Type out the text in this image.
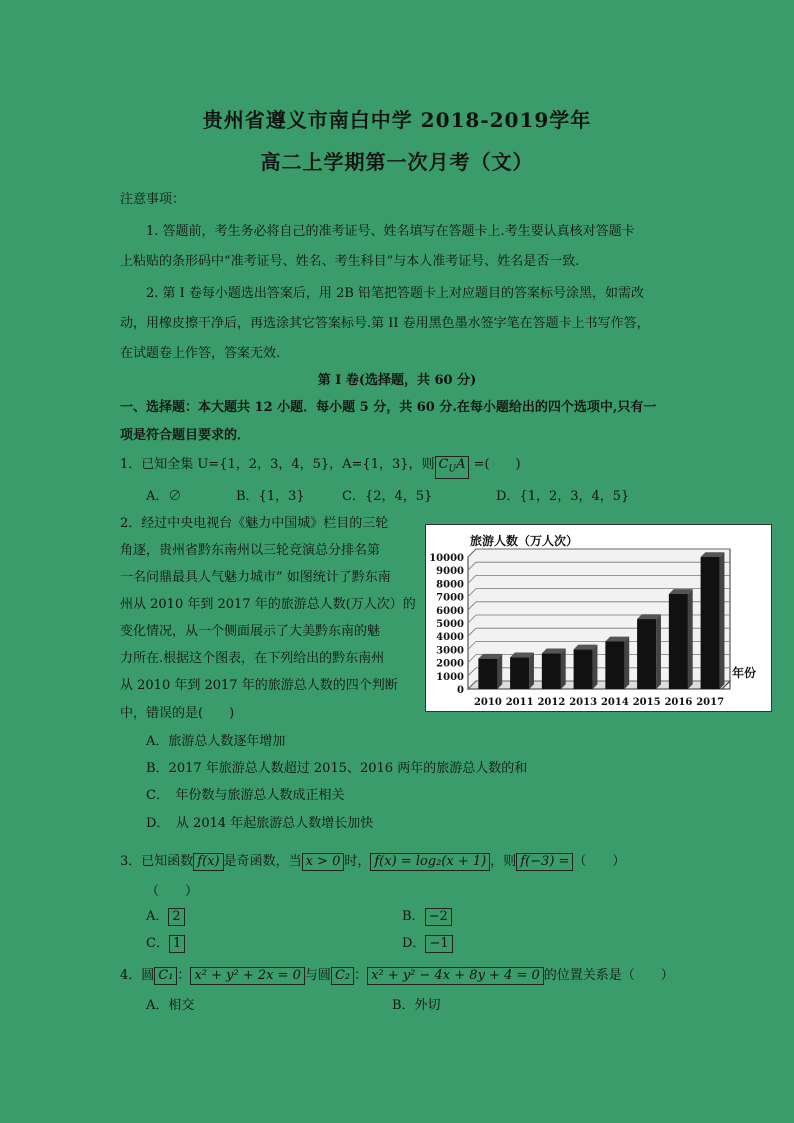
贵州省遵义市南白中学 2018-2019学年
高二上学期第一次月考（文）
注意事项：
1. 答题前，考生务必将自己的准考证号、姓名填写在答题卡上.考生要认真核对答题卡
上粘贴的条形码中“准考证号、姓名、考生科目”与本人准考证号、姓名是否一致.
2. 第 I 卷每小题选出答案后，用 2B 铅笔把答题卡上对应题目的答案标号涂黑，如需改
动，用橡皮擦干净后，再选涂其它答案标号.第 II 卷用黑色墨水签字笔在答题卡上书写作答，
在试题卷上作答，答案无效.
第 I 卷(选择题，共 60 分)
一、选择题：本大题共 12 小题．每小题 5 分，共 60 分.在每小题给出的四个选项中,只有一
项是符合题目要求的．
1．已知全集 U={1，2，3，4，5}，A={1，3}，则 $C_UA$ =(　　)
A．∅	B．{1，3}	C．{2，4，5}	D．{1，2，3，4，5}
2．经过中央电视台《魅力中国城》栏目的三轮
角逐，贵州省黔东南州以三轮竞演总分排名第
一名问鼎最具人气魅力城市” 如图统计了黔东南
州从 2010 年到 2017 年的旅游总人数(万人次）的
变化情况，从一个侧面展示了大美黔东南的魅
力所在.根据这个图表，在下列给出的黔东南州
从 2010 年到 2017 年的旅游总人数的四个判断
中，错误的是(　　)
旅游人数（万人次）
年份
0
1000
2000
3000
4000
5000
6000
7000
8000
9000
10000
2010 2011 2012 2013 2014 2015 2016 2017
A．旅游总人数逐年增加
B．2017 年旅游总人数超过 2015、2016 两年的旅游总人数的和
C．　年份数与旅游总人数成正相关
D．　从 2014 年起旅游总人数增长加快
3．已知函数 f(x) 是奇函数，当 x > 0 时， f(x) = log₂(x + 1) ，则 f(−3) = （　　）
（　　）
A． 2	B． −2
C． 1	D． −1
4．圆 C₁ ： x² + y² + 2x = 0 与圆 C₂ ： x² + y² − 4x + 8y + 4 = 0 的位置关系是（　　）
A．相交	B．外切
